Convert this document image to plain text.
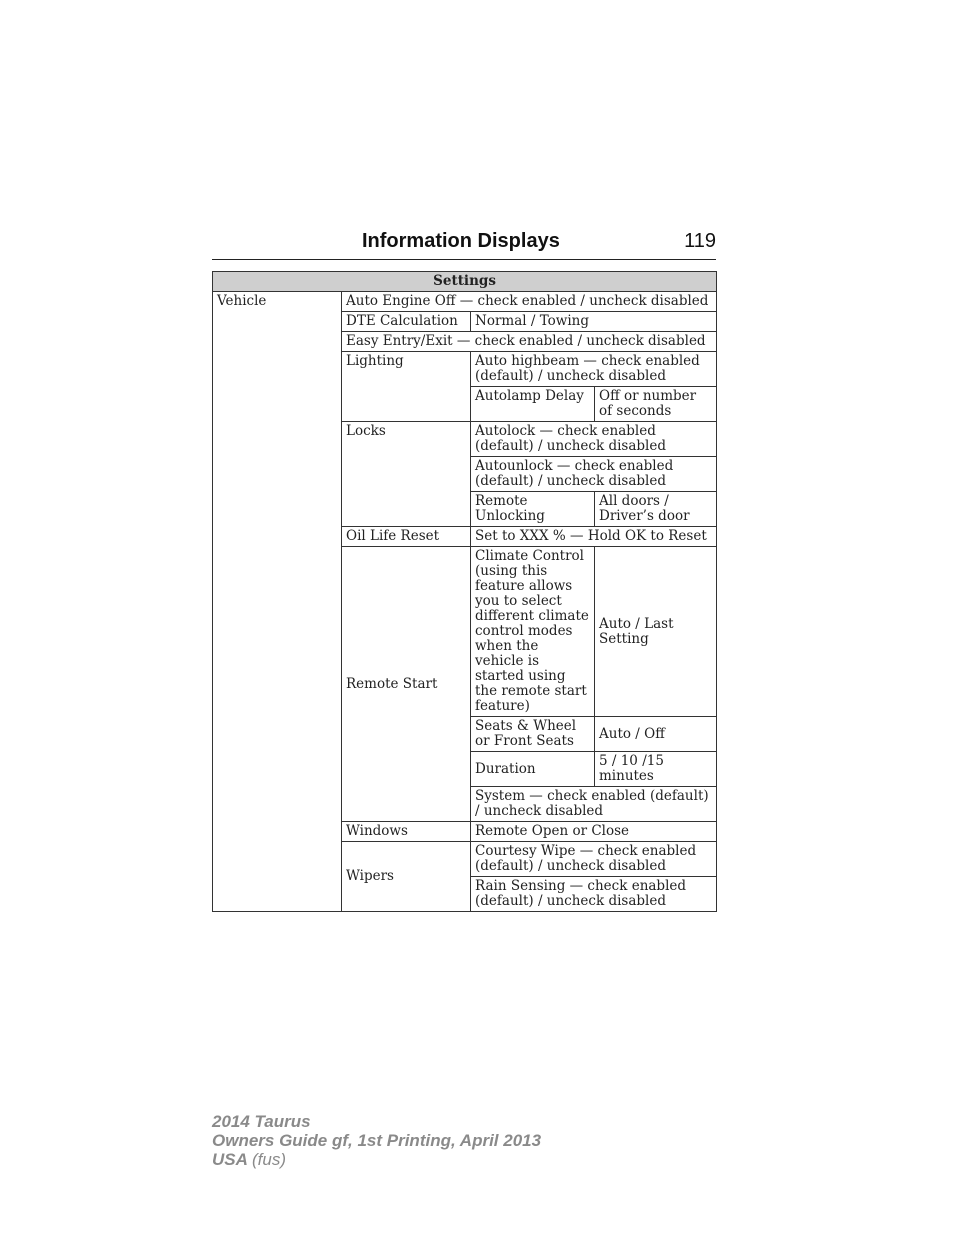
Information Displays	119
Settings			
Vehicle	Auto Engine Off — check enabled / uncheck disabled		
	DTE Calculation	Normal / Towing	
	Easy Entry/Exit — check enabled / uncheck disabled		
	Lighting	Auto highbeam — check enabled (default) / uncheck disabled	
		Autolamp Delay	Off or number of seconds
	Locks	Autolock — check enabled (default) / uncheck disabled	
		Autounlock — check enabled (default) / uncheck disabled	
		Remote Unlocking	All doors / Driver’s door
	Oil Life Reset	Set to XXX % — Hold OK to Reset	
	Remote Start	Climate Control (using this feature allows you to select different climate control modes when the vehicle is started using the remote start feature)	Auto / Last Setting
		Seats & Wheel or Front Seats	Auto / Off
		Duration	5 / 10 /15 minutes
		System — check enabled (default) / uncheck disabled	
	Windows	Remote Open or Close	
	Wipers	Courtesy Wipe — check enabled (default) / uncheck disabled	
		Rain Sensing — check enabled (default) / uncheck disabled	
2014 Taurus
Owners Guide gf, 1st Printing, April 2013
USA (fus)
